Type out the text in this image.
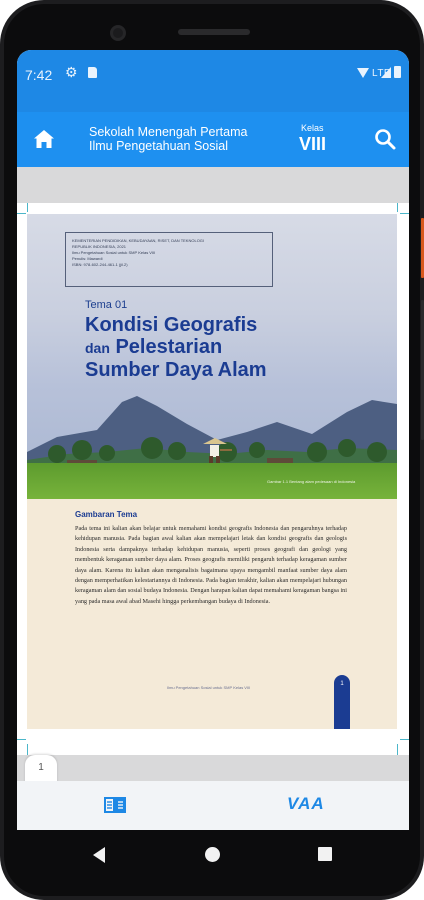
7:42 ⚙	LTE
Sekolah Menengah Pertama
Ilmu Pengetahuan Sosial
Kelas
VIII
KEMENTERIAN PENDIDIKAN, KEBUDAYAAN, RISET, DAN TEKNOLOGI
REPUBLIK INDONESIA, 2021
Ilmu Pengetahuan Sosial untuk SMP Kelas VIII
Penulis: Mawardi
ISBN: 978-602-244-461-1 (jil.2)
Tema 01
Kondisi Geografis
dan Pelestarian
Sumber Daya Alam
Gambar 1.1 Bentang alam pedesaan di Indonesia
Gambaran Tema
Pada tema ini kalian akan belajar untuk memahami kondisi geografis Indonesia dan pengaruhnya terhadap kehidupan manusia. Pada bagian awal kalian akan mempelajari letak dan kondisi geografis dan geologis Indonesia serta dampaknya terhadap kehidupan manusia, seperti proses geografi dan geologi yang membentuk keragaman sumber daya alam. Proses geografis memiliki pengaruh terhadap keragaman sumber daya alam. Karena itu kalian akan menganalisis bagaimana upaya mengambil manfaat sumber daya alam dengan memperhatikan kelestariannya di Indonesia. Pada bagian terakhir, kalian akan mempelajari hubungan keragaman alam dan sosial budaya Indonesia. Dengan harapan kalian dapat memahami keragaman bangsa ini yang pada masa awal abad Masehi hingga perkembangan budaya di Indonesia.
Ilmu Pengetahuan Sosial untuk SMP Kelas VIII
1
1
VAA
